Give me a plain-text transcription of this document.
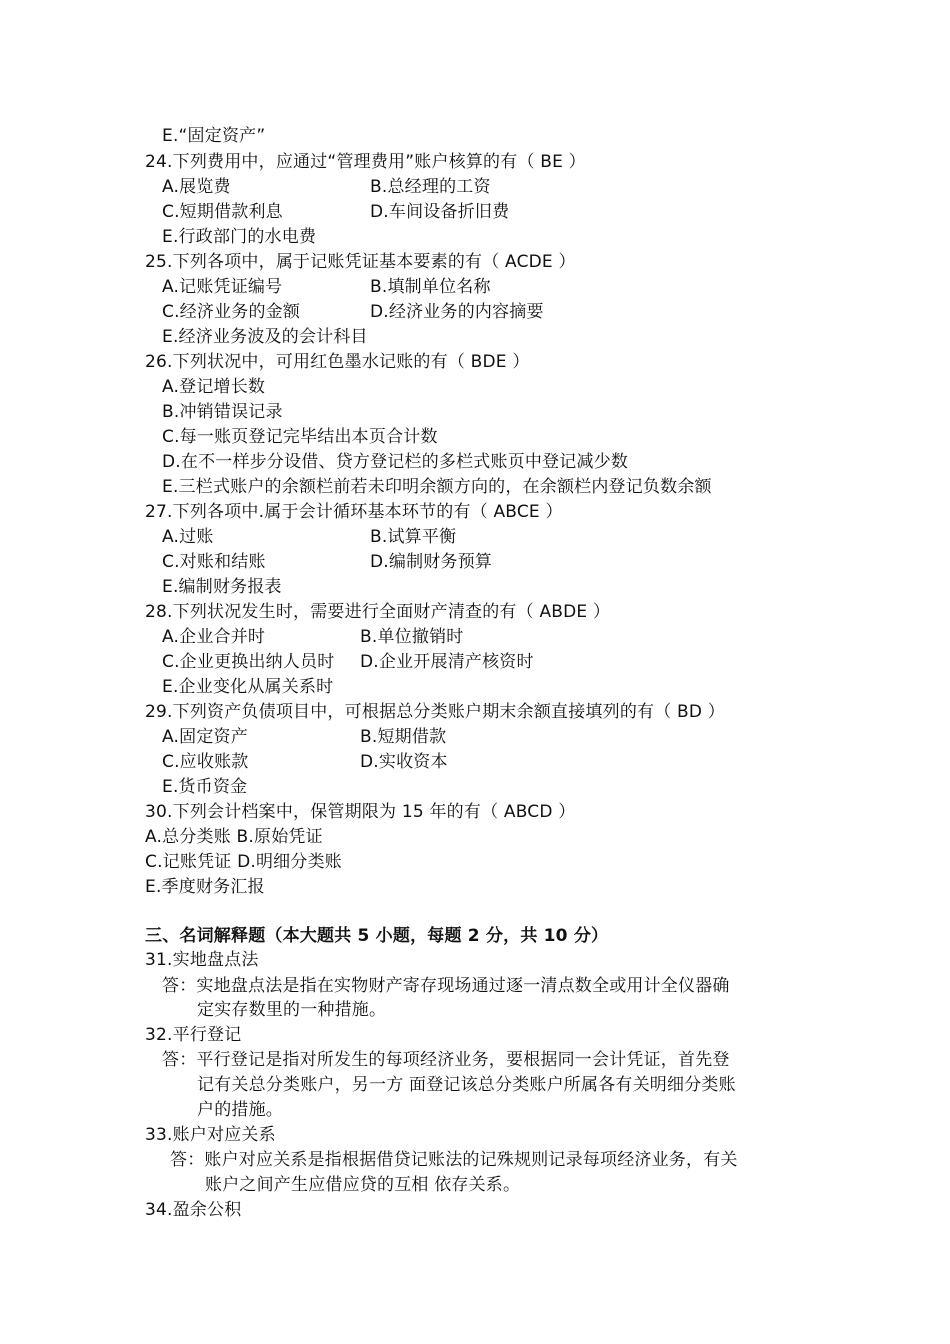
E.“固定资产”
24.下列费用中，应通过“管理费用”账户核算的有（ BE ）
A.展览费	B.总经理的工资
C.短期借款利息	D.车间设备折旧费
E.行政部门的水电费
25.下列各项中，属于记账凭证基本要素的有（ ACDE ）
A.记账凭证编号	B.填制单位名称
C.经济业务的金额	D.经济业务的内容摘要
E.经济业务波及的会计科目
26.下列状况中，可用红色墨水记账的有（ BDE ）
A.登记增长数
B.冲销错误记录
C.每一账页登记完毕结出本页合计数
D.在不一样步分设借、贷方登记栏的多栏式账页中登记减少数
E.三栏式账户的余额栏前若未印明余额方向的，在余额栏内登记负数余额
27.下列各项中.属于会计循环基本环节的有（ ABCE ）
A.过账	B.试算平衡
C.对账和结账	D.编制财务预算
E.编制财务报表
28.下列状况发生时，需要进行全面财产清查的有（ ABDE ）
A.企业合并时	B.单位撤销时
C.企业更换出纳人员时 D.企业开展清产核资时
E.企业变化从属关系时
29.下列资产负债项目中，可根据总分类账户期末余额直接填列的有（ BD ）
A.固定资产	B.短期借款
C.应收账款	D.实收资本
E.货币资金
30.下列会计档案中，保管期限为 15 年的有（ ABCD ）
A.总分类账 B.原始凭证
C.记账凭证 D.明细分类账
E.季度财务汇报
三、名词解释题（本大题共 5 小题，每题 2 分，共 10 分）
31.实地盘点法
答：实地盘点法是指在实物财产寄存现场通过逐一清点数全或用计全仪器确
定实存数里的一种措施。
32.平行登记
答：平行登记是指对所发生的每项经济业务，要根据同一会计凭证，首先登
记有关总分类账户，另一方 面登记该总分类账户所属各有关明细分类账
户的措施。
33.账户对应关系
答：账户对应关系是指根据借贷记账法的记殊规则记录每项经济业务，有关
账户之间产生应借应贷的互相 依存关系。
34.盈余公积
